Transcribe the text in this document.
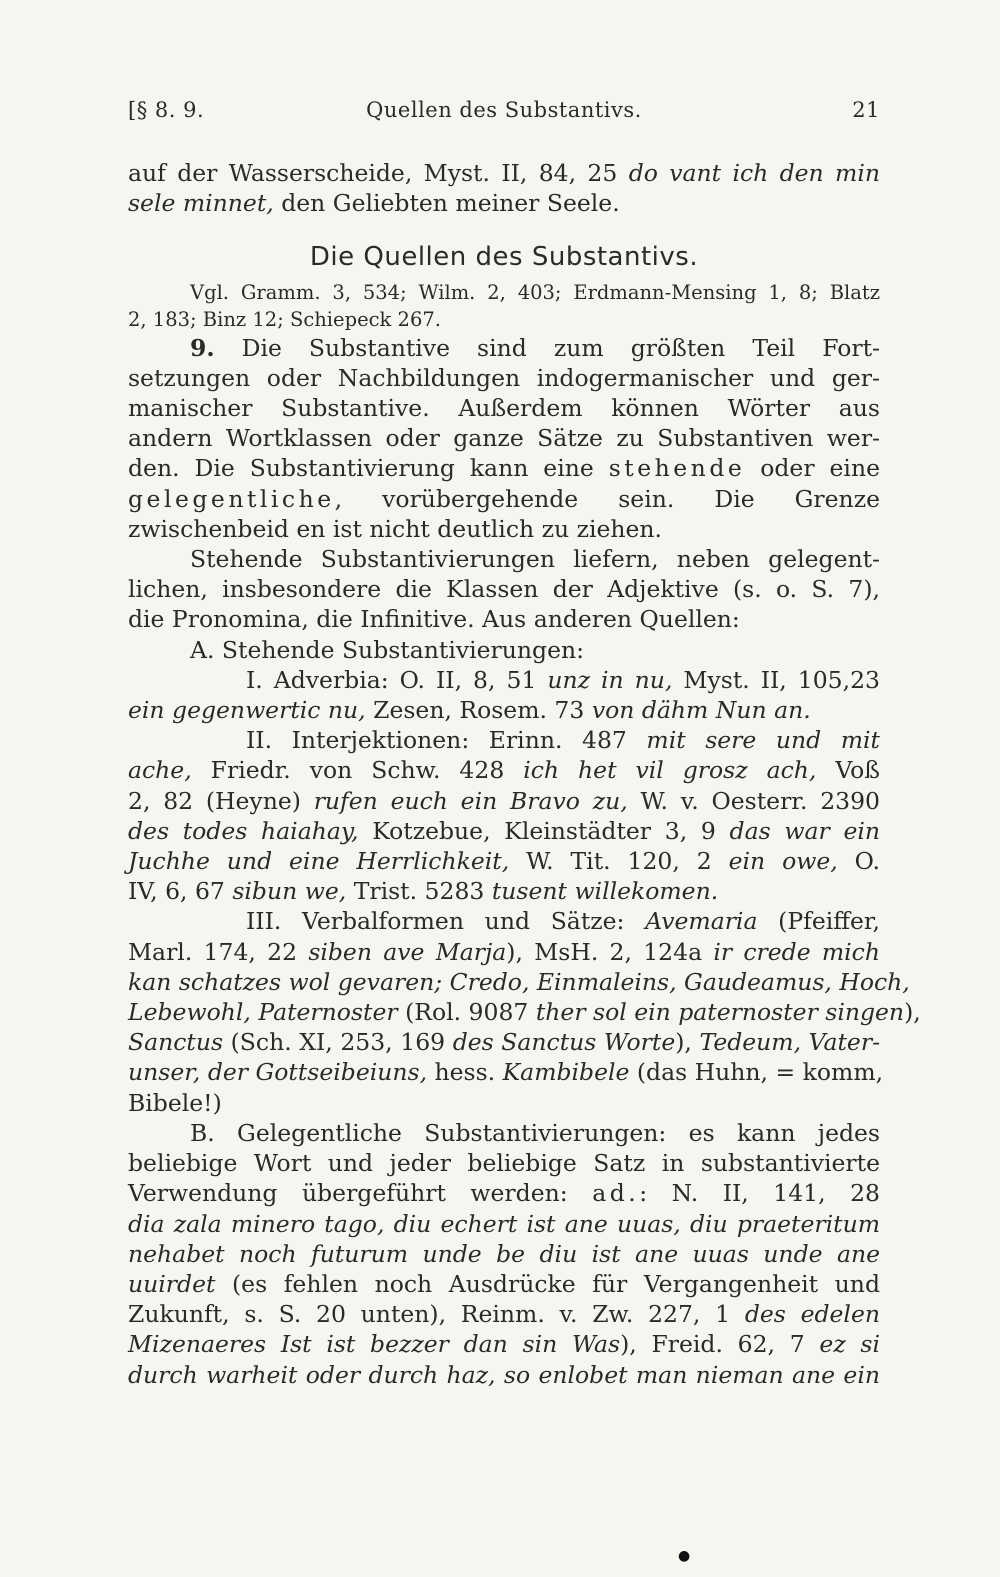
[§ 8. 9.	Quellen des Substantivs.	21
auf der Wasserscheide, Myst. II, 84, 25 do vant ich den min
sele minnet, den Geliebten meiner Seele.
Die Quellen des Substantivs.
Vgl. Gramm. 3, 534; Wilm. 2, 403; Erdmann-Mensing 1, 8; Blatz
2, 183; Binz 12; Schiepeck 267.
9. Die Substantive sind zum größten Teil Fort-
setzungen oder Nachbildungen indogermanischer und ger-
manischer Substantive. Außerdem können Wörter aus
andern Wortklassen oder ganze Sätze zu Substantiven wer-
den. Die Substantivierung kann eine stehende oder eine
gelegentliche, vorübergehende sein. Die Grenze
zwischenbeid en ist nicht deutlich zu ziehen.
Stehende Substantivierungen liefern, neben gelegent-
lichen, insbesondere die Klassen der Adjektive (s. o. S. 7),
die Pronomina, die Infinitive. Aus anderen Quellen:
A. Stehende Substantivierungen:
I. Adverbia: O. II, 8, 51 unz in nu, Myst. II, 105,23
ein gegenwertic nu, Zesen, Rosem. 73 von dähm Nun an.
II. Interjektionen: Erinn. 487 mit sere und mit
ache, Friedr. von Schw. 428 ich het vil grosz ach, Voß
2, 82 (Heyne) rufen euch ein Bravo zu, W. v. Oesterr. 2390
des todes haiahay, Kotzebue, Kleinstädter 3, 9 das war ein
Juchhe und eine Herrlichkeit, W. Tit. 120, 2 ein owe, O.
IV, 6, 67 sibun we, Trist. 5283 tusent willekomen.
III. Verbalformen und Sätze: Avemaria (Pfeiffer,
Marl. 174, 22 siben ave Marja), MsH. 2, 124a ir crede mich
kan schatzes wol gevaren; Credo, Einmaleins, Gaudeamus, Hoch,
Lebewohl, Paternoster (Rol. 9087 ther sol ein paternoster singen),
Sanctus (Sch. XI, 253, 169 des Sanctus Worte), Tedeum, Vater-
unser, der Gottseibeiuns, hess. Kambibele (das Huhn, = komm,
Bibele!)
B. Gelegentliche Substantivierungen: es kann jedes
beliebige Wort und jeder beliebige Satz in substantivierte
Verwendung übergeführt werden: ad.: N. II, 141, 28
dia zala minero tago, diu echert ist ane uuas, diu praeteritum
nehabet noch futurum unde be diu ist ane uuas unde ane
uuirdet (es fehlen noch Ausdrücke für Vergangenheit und
Zukunft, s. S. 20 unten), Reinm. v. Zw. 227, 1 des edelen
Mizenaeres Ist ist bezzer dan sin Was), Freid. 62, 7 ez si
durch warheit oder durch haz, so enlobet man nieman ane ein
●
